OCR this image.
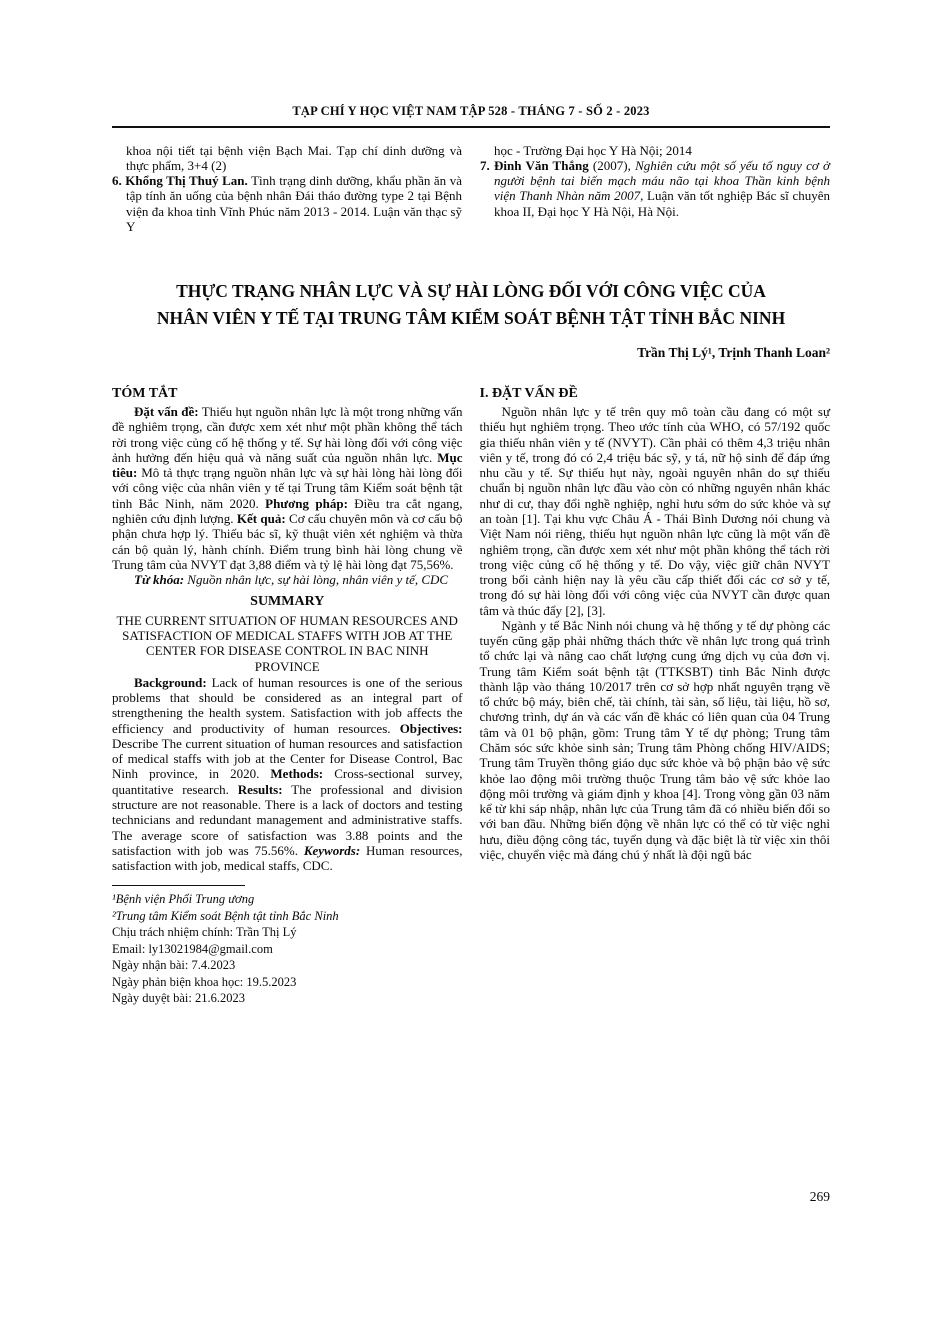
TẠP CHÍ Y HỌC VIỆT NAM TẬP 528 - THÁNG 7 - SỐ 2 - 2023

khoa nội tiết tại bệnh viện Bạch Mai. Tạp chí dinh dưỡng và thực phẩm, 3+4 (2)

6. Khổng Thị Thuý Lan. Tình trạng dinh dưỡng, khẩu phần ăn và tập tính ăn uống của bệnh nhân Đái tháo đường type 2 tại Bệnh viện đa khoa tỉnh Vĩnh Phúc năm 2013 - 2014. Luận văn thạc sỹ Y

học - Trường Đại học Y Hà Nội; 2014

7. Đinh Văn Thắng (2007), Nghiên cứu một số yếu tố nguy cơ ở người bệnh tai biến mạch máu não tại khoa Thần kinh bệnh viện Thanh Nhàn năm 2007, Luận văn tốt nghiệp Bác sĩ chuyên khoa II, Đại học Y Hà Nội, Hà Nội.

THỰC TRẠNG NHÂN LỰC VÀ SỰ HÀI LÒNG ĐỐI VỚI CÔNG VIỆC CỦA
NHÂN VIÊN Y TẾ TẠI TRUNG TÂM KIỂM SOÁT BỆNH TẬT TỈNH BẮC NINH
Trần Thị Lý¹, Trịnh Thanh Loan²
TÓM TẮT

Đặt vấn đề: Thiếu hụt nguồn nhân lực là một trong những vấn đề nghiêm trọng, cần được xem xét như một phần không thể tách rời trong việc củng cố hệ thống y tế. Sự hài lòng đối với công việc ảnh hưởng đến hiệu quả và năng suất của nguồn nhân lực. Mục tiêu: Mô tả thực trạng nguồn nhân lực và sự hài lòng hài lòng đối với công việc của nhân viên y tế tại Trung tâm Kiểm soát bệnh tật tỉnh Bắc Ninh, năm 2020. Phương pháp: Điều tra cắt ngang, nghiên cứu định lượng. Kết quả: Cơ cấu chuyên môn và cơ cấu bộ phận chưa hợp lý. Thiếu bác sĩ, kỹ thuật viên xét nghiệm và thừa cán bộ quản lý, hành chính. Điểm trung bình hài lòng chung về Trung tâm của NVYT đạt 3,88 điểm và tỷ lệ hài lòng đạt 75,56%.

Từ khóa: Nguồn nhân lực, sự hài lòng, nhân viên y tế, CDC

SUMMARY
THE CURRENT SITUATION OF HUMAN RESOURCES AND SATISFACTION OF MEDICAL STAFFS WITH JOB AT THE CENTER FOR DISEASE CONTROL IN BAC NINH PROVINCE

Background: Lack of human resources is one of the serious problems that should be considered as an integral part of strengthening the health system. Satisfaction with job affects the efficiency and productivity of human resources. Objectives: Describe The current situation of human resources and satisfaction of medical staffs with job at the Center for Disease Control, Bac Ninh province, in 2020. Methods: Cross-sectional survey, quantitative research. Results: The professional and division structure are not reasonable. There is a lack of doctors and testing technicians and redundant management and administrative staffs. The average score of satisfaction was 3.88 points and the satisfaction with job was 75.56%. Keywords: Human resources, satisfaction with job, medical staffs, CDC.

¹Bệnh viện Phổi Trung ương
²Trung tâm Kiểm soát Bệnh tật tỉnh Bắc Ninh
Chịu trách nhiệm chính: Trần Thị Lý
Email: ly13021984@gmail.com
Ngày nhận bài: 7.4.2023
Ngày phản biện khoa học: 19.5.2023
Ngày duyệt bài: 21.6.2023
I. ĐẶT VẤN ĐỀ

Nguồn nhân lực y tế trên quy mô toàn cầu đang có một sự thiếu hụt nghiêm trọng. Theo ước tính của WHO, có 57/192 quốc gia thiếu nhân viên y tế (NVYT). Cần phải có thêm 4,3 triệu nhân viên y tế, trong đó có 2,4 triệu bác sỹ, y tá, nữ hộ sinh để đáp ứng nhu cầu y tế. Sự thiếu hụt này, ngoài nguyên nhân do sự thiếu chuẩn bị nguồn nhân lực đầu vào còn có những nguyên nhân khác như di cư, thay đổi nghề nghiệp, nghỉ hưu sớm do sức khỏe và sự an toàn [1]. Tại khu vực Châu Á - Thái Bình Dương nói chung và Việt Nam nói riêng, thiếu hụt nguồn nhân lực cũng là một vấn đề nghiêm trọng, cần được xem xét như một phần không thể tách rời trong việc củng cố hệ thống y tế. Do vậy, việc giữ chân NVYT trong bối cảnh hiện nay là yêu cầu cấp thiết đối các cơ sở y tế, trong đó sự hài lòng đối với công việc của NVYT cần được quan tâm và thúc đẩy [2], [3].

Ngành y tế Bắc Ninh nói chung và hệ thống y tế dự phòng các tuyến cũng gặp phải những thách thức về nhân lực trong quá trình tổ chức lại và nâng cao chất lượng cung ứng dịch vụ của đơn vị. Trung tâm Kiểm soát bệnh tật (TTKSBT) tỉnh Bắc Ninh được thành lập vào tháng 10/2017 trên cơ sở hợp nhất nguyên trạng về tổ chức bộ máy, biên chế, tài chính, tài sản, số liệu, tài liệu, hồ sơ, chương trình, dự án và các vấn đề khác có liên quan của 04 Trung tâm và 01 bộ phận, gồm: Trung tâm Y tế dự phòng; Trung tâm Chăm sóc sức khỏe sinh sản; Trung tâm Phòng chống HIV/AIDS; Trung tâm Truyền thông giáo dục sức khỏe và bộ phận bảo vệ sức khỏe lao động môi trường thuộc Trung tâm bảo vệ sức khỏe lao động môi trường và giám định y khoa [4]. Trong vòng gần 03 năm kể từ khi sáp nhập, nhân lực của Trung tâm đã có nhiều biến đổi so với ban đầu. Những biến động về nhân lực có thể có từ việc nghỉ hưu, điều động công tác, tuyển dụng và đặc biệt là từ việc xin thôi việc, chuyển việc mà đáng chú ý nhất là đội ngũ bác

269
